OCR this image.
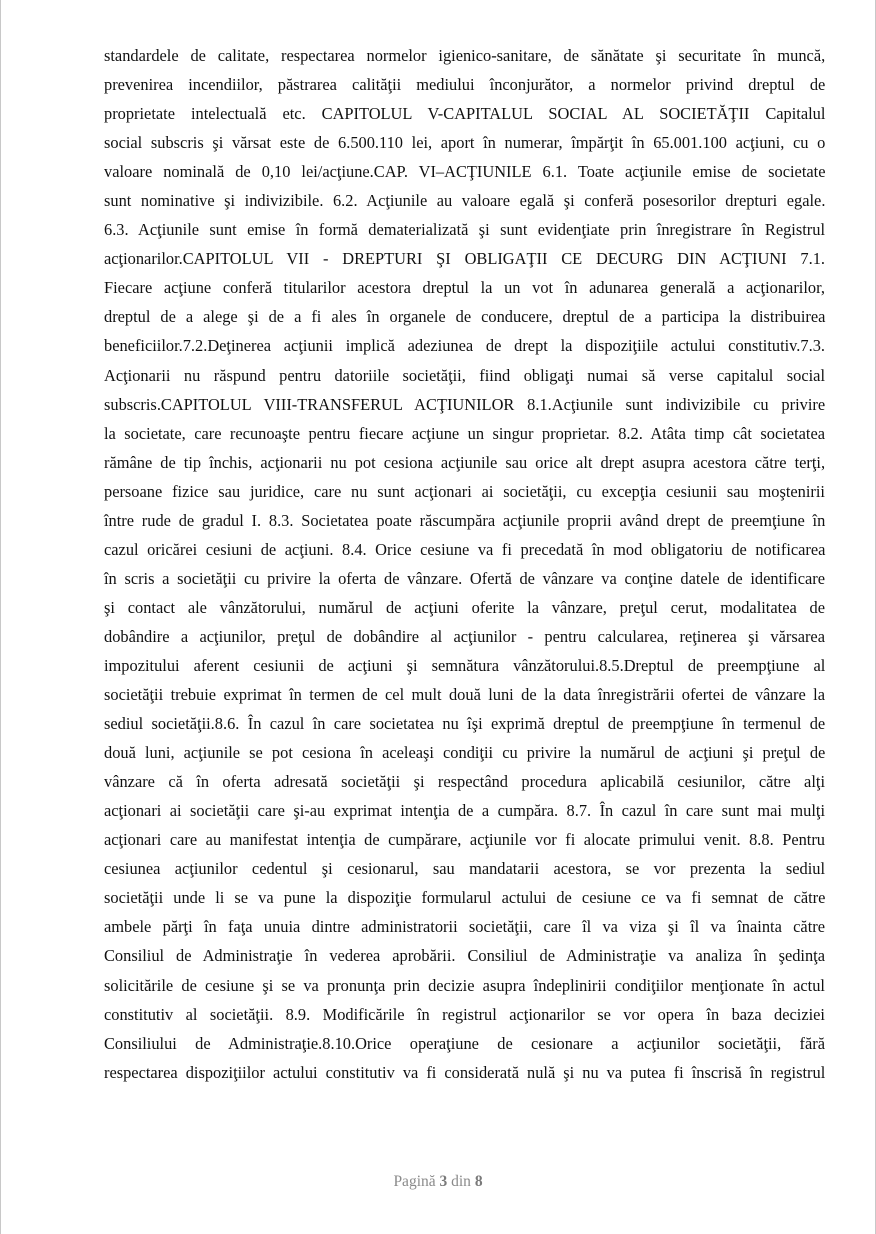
standardele de calitate, respectarea normelor igienico-sanitare, de sănătate şi securitate în muncă,
prevenirea incendiilor, păstrarea calităţii mediului înconjurător, a normelor privind dreptul de
proprietate intelectuală etc. CAPITOLUL V-CAPITALUL SOCIAL AL SOCIETĂŢII Capitalul
social subscris şi vărsat este de 6.500.110 lei, aport în numerar, împărţit în 65.001.100 acţiuni, cu o
valoare nominală de 0,10 lei/acţiune.CAP. VI–ACŢIUNILE 6.1. Toate acţiunile emise de societate
sunt nominative şi indivizibile. 6.2. Acţiunile au valoare egală şi conferă posesorilor drepturi egale.
6.3. Acţiunile sunt emise în formă dematerializată şi sunt evidenţiate prin înregistrare în Registrul
acţionarilor.CAPITOLUL VII - DREPTURI ŞI OBLIGAŢII CE DECURG DIN ACŢIUNI 7.1.
Fiecare acţiune conferă titularilor acestora dreptul la un vot în adunarea generală a acţionarilor,
dreptul de a alege şi de a fi ales în organele de conducere, dreptul de a participa la distribuirea
beneficiilor.7.2.Deţinerea acţiunii implică adeziunea de drept la dispoziţiile actului constitutiv.7.3.
Acţionarii nu răspund pentru datoriile societăţii, fiind obligaţi numai să verse capitalul social
subscris.CAPITOLUL VIII-TRANSFERUL ACŢIUNILOR 8.1.Acţiunile sunt indivizibile cu privire
la societate, care recunoaşte pentru fiecare acţiune un singur proprietar. 8.2. Atâta timp cât societatea
rămâne de tip închis, acţionarii nu pot cesiona acţiunile sau orice alt drept asupra acestora către terţi,
persoane fizice sau juridice, care nu sunt acţionari ai societăţii, cu excepţia cesiunii sau moştenirii
între rude de gradul I. 8.3. Societatea poate răscumpăra acţiunile proprii având drept de preemţiune în
cazul oricărei cesiuni de acţiuni. 8.4. Orice cesiune va fi precedată în mod obligatoriu de notificarea
în scris a societăţii cu privire la oferta de vânzare. Ofertă de vânzare va conţine datele de identificare
şi contact ale vânzătorului, numărul de acţiuni oferite la vânzare, preţul cerut, modalitatea de
dobândire a acţiunilor, preţul de dobândire al acţiunilor - pentru calcularea, reţinerea şi vărsarea
impozitului aferent cesiunii de acţiuni şi semnătura vânzătorului.8.5.Dreptul de preempţiune al
societăţii trebuie exprimat în termen de cel mult două luni de la data înregistrării ofertei de vânzare la
sediul societăţii.8.6. În cazul în care societatea nu îşi exprimă dreptul de preempţiune în termenul de
două luni, acţiunile se pot cesiona în aceleaşi condiţii cu privire la numărul de acţiuni şi preţul de
vânzare că în oferta adresată societăţii şi respectând procedura aplicabilă cesiunilor, către alţi
acţionari ai societăţii care şi-au exprimat intenţia de a cumpăra. 8.7. În cazul în care sunt mai mulţi
acţionari care au manifestat intenţia de cumpărare, acţiunile vor fi alocate primului venit. 8.8. Pentru
cesiunea acţiunilor cedentul şi cesionarul, sau mandatarii acestora, se vor prezenta la sediul
societăţii unde li se va pune la dispoziţie formularul actului de cesiune ce va fi semnat de către
ambele părţi în faţa unuia dintre administratorii societăţii, care îl va viza şi îl va înainta către
Consiliul de Administraţie în vederea aprobării. Consiliul de Administraţie va analiza în şedinţa
solicitările de cesiune şi se va pronunţa prin decizie asupra îndeplinirii condiţiilor menţionate în actul
constitutiv al societăţii. 8.9. Modificările în registrul acţionarilor se vor opera în baza deciziei
Consiliului de Administraţie.8.10.Orice operaţiune de cesionare a acţiunilor societăţii, fără
respectarea dispoziţiilor actului constitutiv va fi considerată nulă şi nu va putea fi înscrisă în registrul
Pagină 3 din 8
